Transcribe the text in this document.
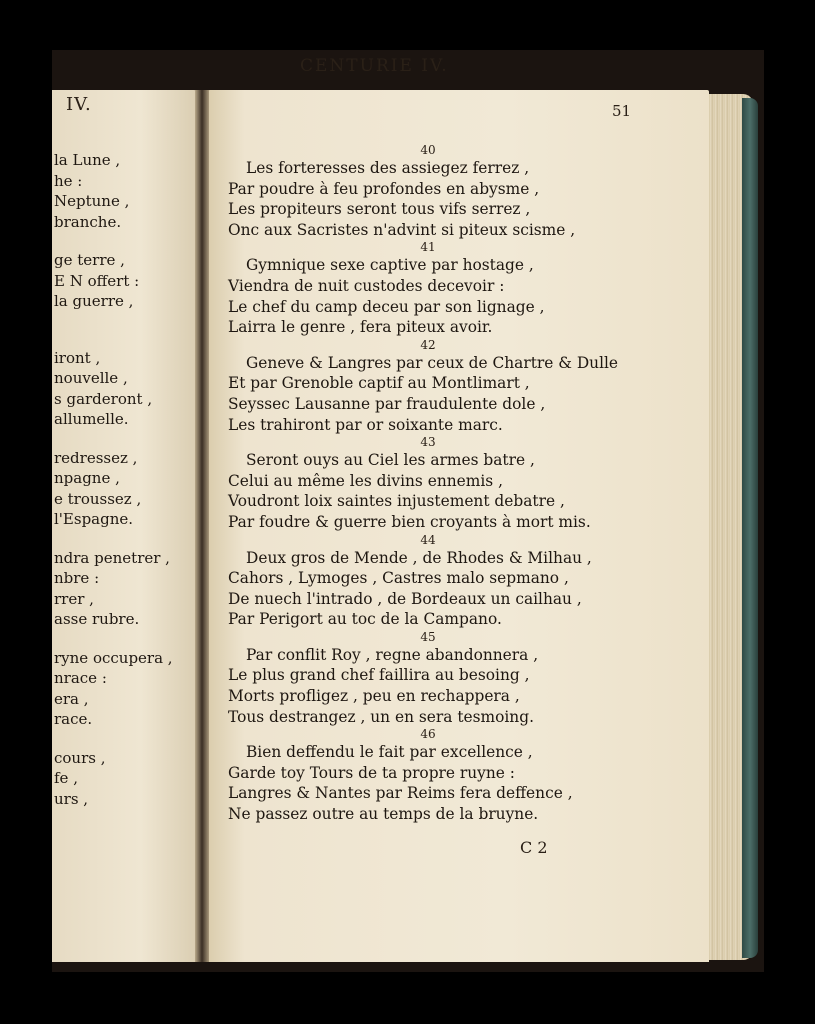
IV.
la Lune ,
he :
Neptune ,
branche.
ge terre ,
E N offert :
la guerre ,
iront ,
nouvelle ,
s garderont ,
allumelle.
redressez ,
npagne ,
e troussez ,
l'Espagne.
ndra penetrer ,
nbre :
rrer ,
asse rubre.
ryne occupera ,
nrace :
era ,
race.
cours ,
fe ,
urs ,
CENTURIE IV.
51
40
Les forteresses des assiegez ferrez ,
Par poudre à feu profondes en abysme ,
Les propiteurs seront tous vifs serrez ,
Onc aux Sacristes n'advint si piteux scisme ,
41
Gymnique sexe captive par hostage ,
Viendra de nuit custodes decevoir :
Le chef du camp deceu par son lignage ,
Lairra le genre , fera piteux avoir.
42
Geneve & Langres par ceux de Chartre & Dulle
Et par Grenoble captif au Montlimart ,
Seyssec Lausanne par fraudulente dole ,
Les trahiront par or soixante marc.
43
Seront ouys au Ciel les armes batre ,
Celui au même les divins ennemis ,
Voudront loix saintes injustement debatre ,
Par foudre & guerre bien croyants à mort mis.
44
Deux gros de Mende , de Rhodes & Milhau ,
Cahors , Lymoges , Castres malo sepmano ,
De nuech l'intrado , de Bordeaux un cailhau ,
Par Perigort au toc de la Campano.
45
Par conflit Roy , regne abandonnera ,
Le plus grand chef faillira au besoing ,
Morts profligez , peu en rechappera ,
Tous destrangez , un en sera tesmoing.
46
Bien deffendu le fait par excellence ,
Garde toy Tours de ta propre ruyne :
Langres & Nantes par Reims fera deffence ,
Ne passez outre au temps de la bruyne.
C 2
